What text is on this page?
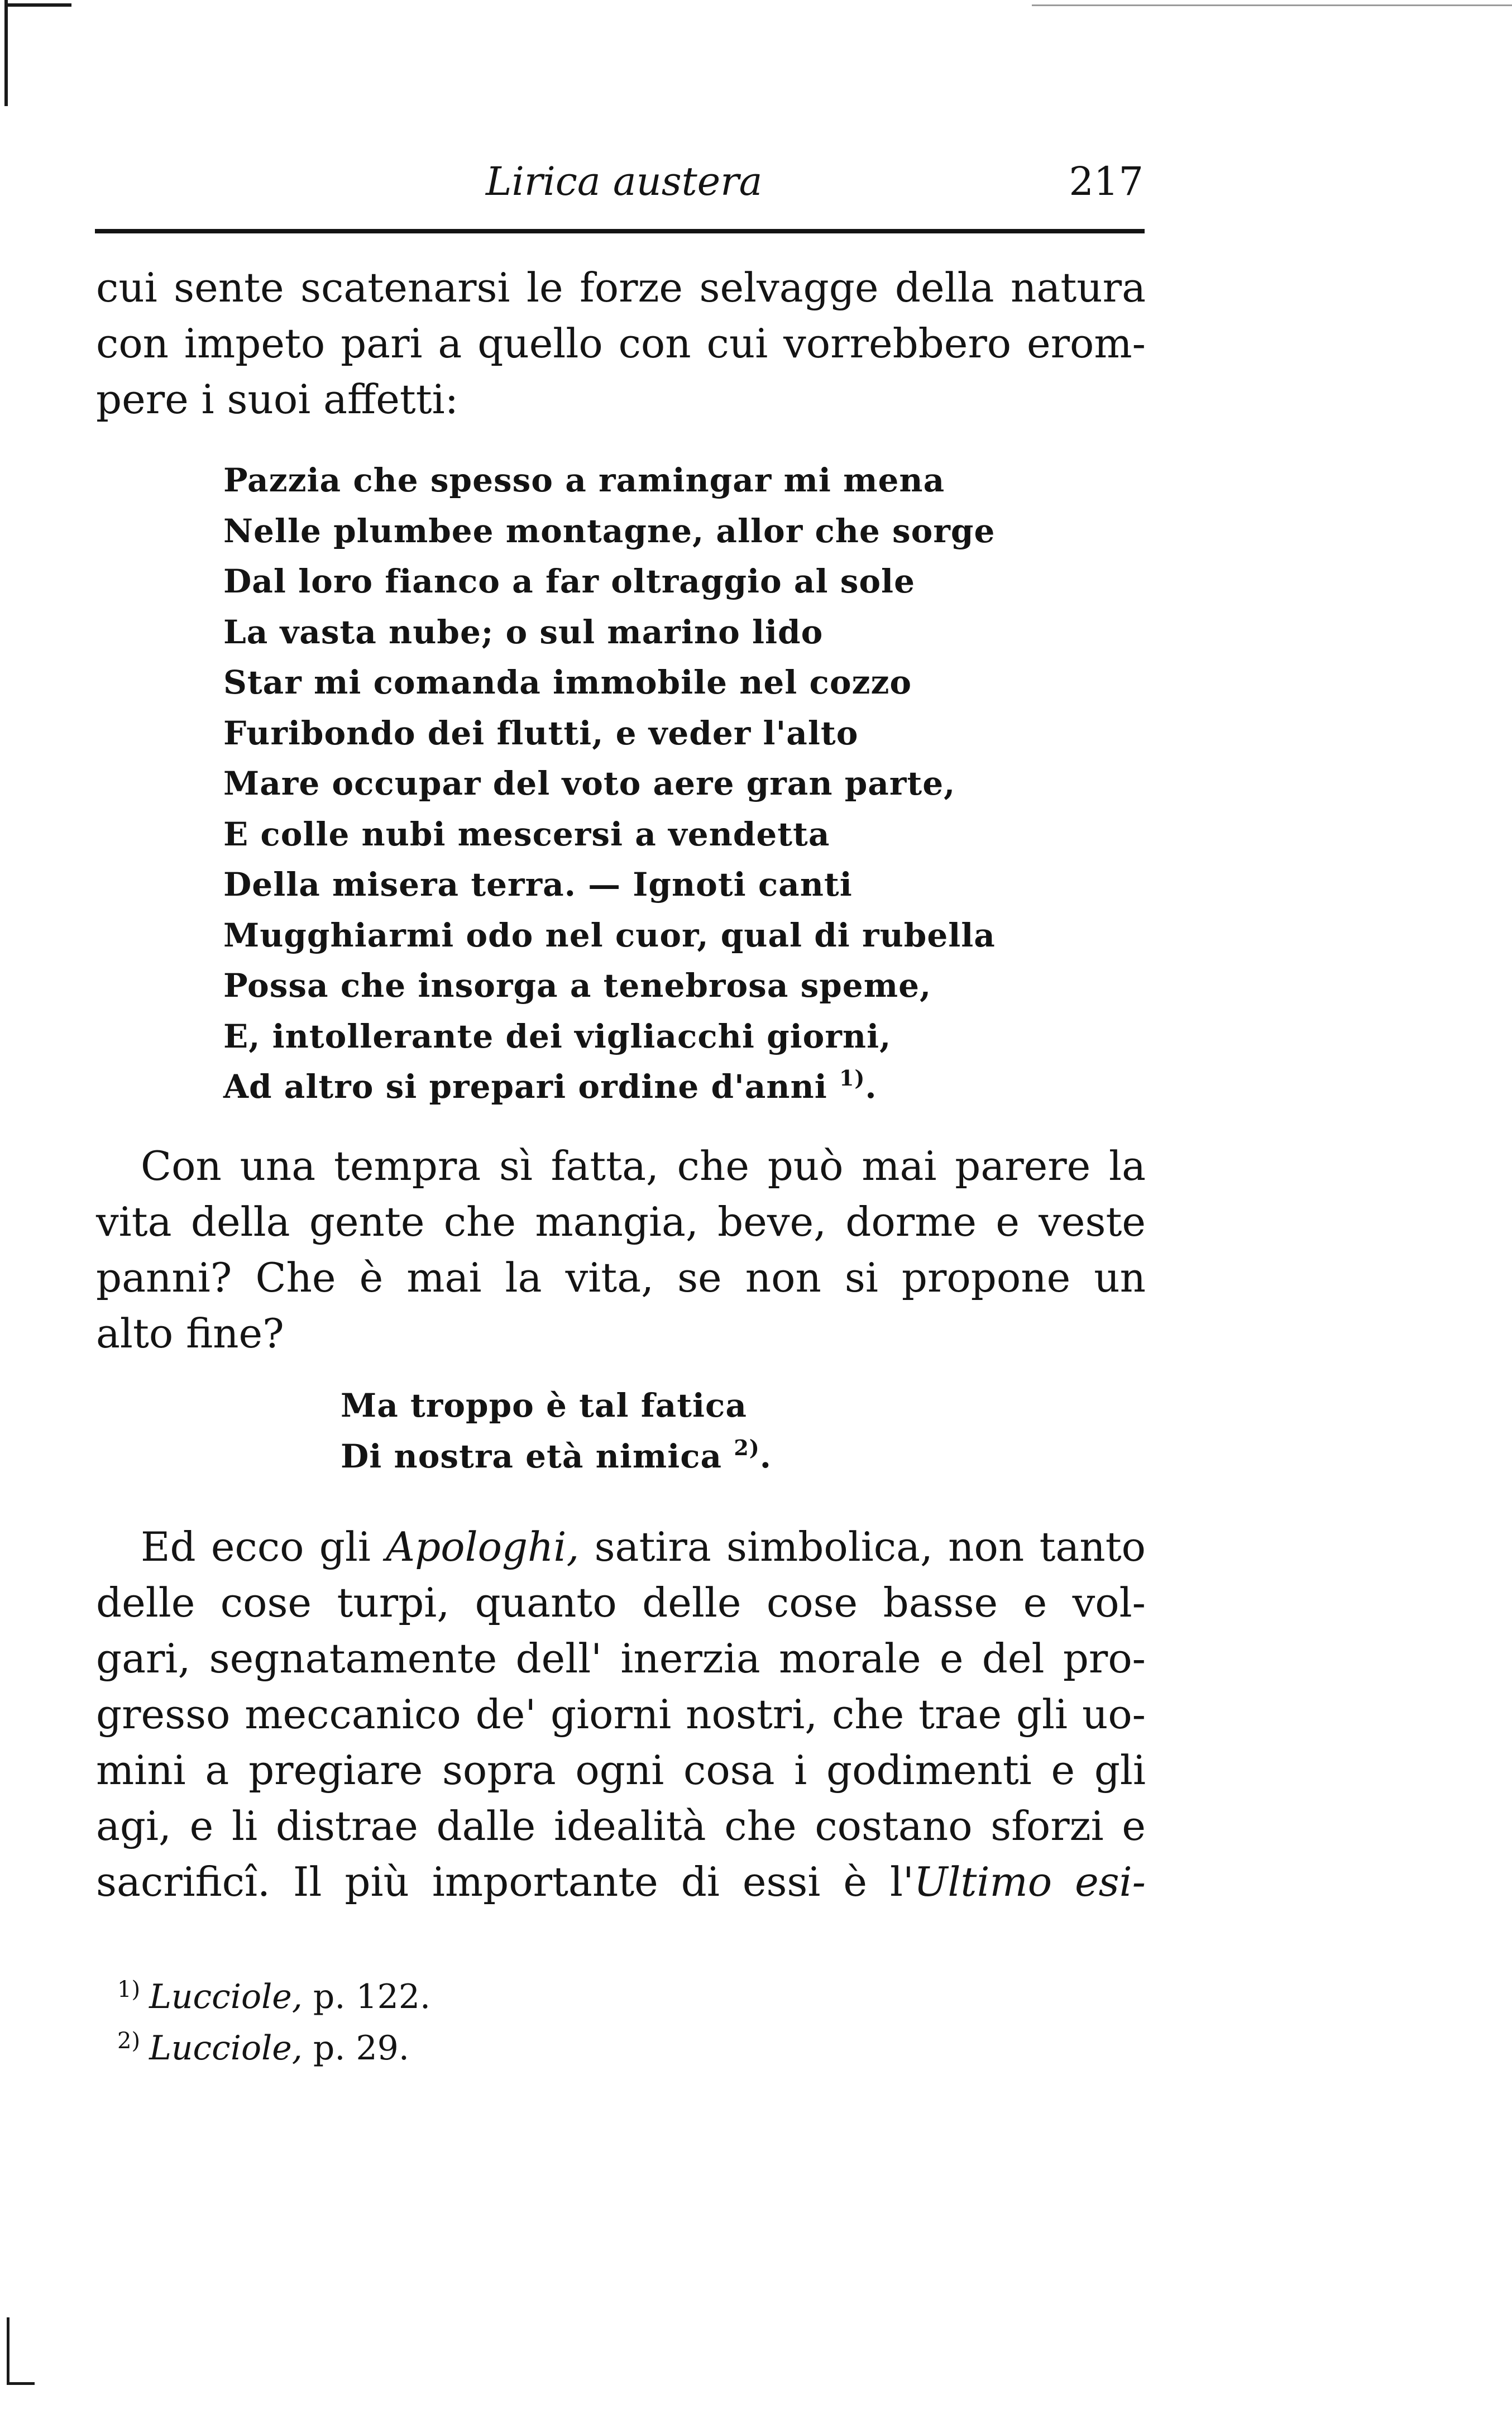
Lirica austera	217
cui sente scatenarsi le forze selvagge della natura
con impeto pari a quello con cui vorrebbero erom-
pere i suoi affetti:
Pazzia che spesso a ramingar mi mena
Nelle plumbee montagne, allor che sorge
Dal loro fianco a far oltraggio al sole
La vasta nube; o sul marino lido
Star mi comanda immobile nel cozzo
Furibondo dei flutti, e veder l'alto
Mare occupar del voto aere gran parte,
E colle nubi mescersi a vendetta
Della misera terra. — Ignoti canti
Mugghiarmi odo nel cuor, qual di rubella
Possa che insorga a tenebrosa speme,
E, intollerante dei vigliacchi giorni,
Ad altro si prepari ordine d'anni $^{1)}$.
Con una tempra sì fatta, che può mai parere la
vita della gente che mangia, beve, dorme e veste
panni? Che è mai la vita, se non si propone un
alto fine?
Ma troppo è tal fatica
Di nostra età nimica $^{2)}$.
Ed ecco gli Apologhi, satira simbolica, non tanto
delle cose turpi, quanto delle cose basse e vol-
gari, segnatamente dell' inerzia morale e del pro-
gresso meccanico de' giorni nostri, che trae gli uo-
mini a pregiare sopra ogni cosa i godimenti e gli
agi, e li distrae dalle idealità che costano sforzi e
sacrificî. Il più importante di essi è l'Ultimo esi-
$^{1)}$ Lucciole, p. 122.
$^{2)}$ Lucciole, p. 29.
